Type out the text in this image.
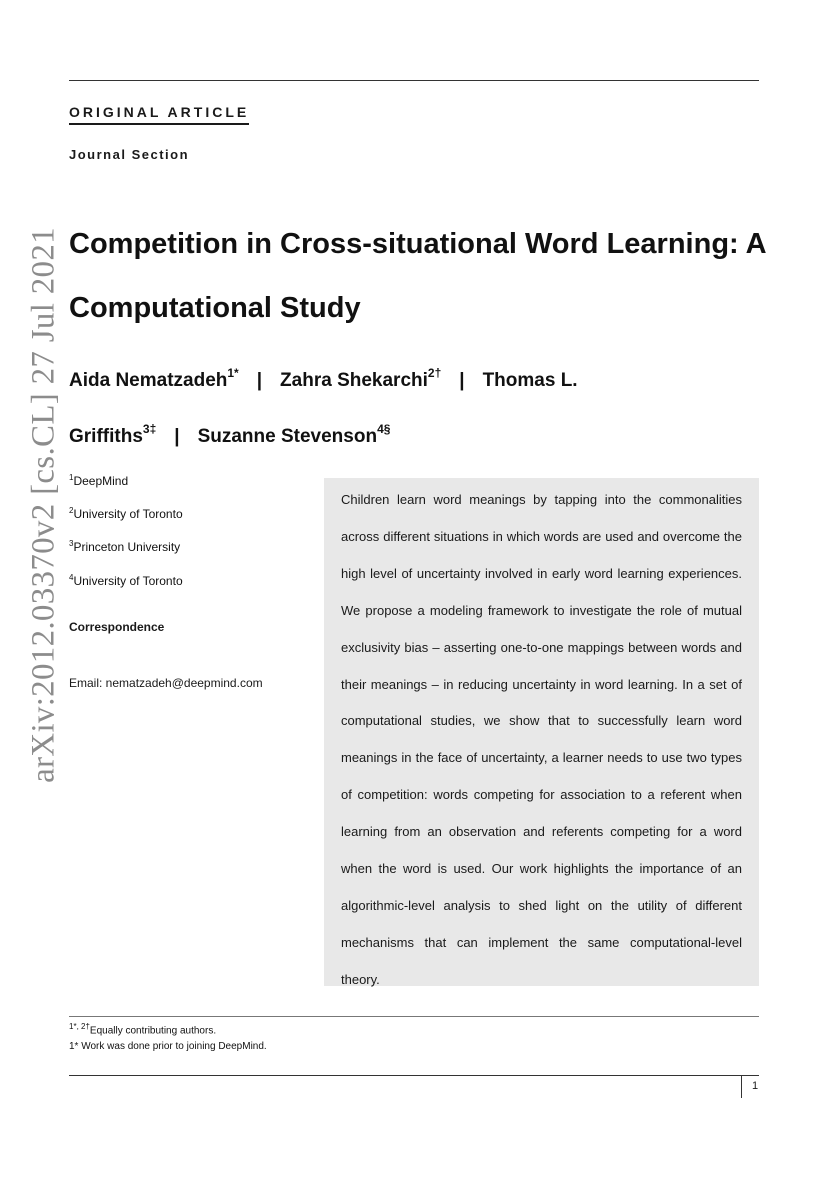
ORIGINAL ARTICLE
Journal Section
arXiv:2012.03370v2 [cs.CL] 27 Jul 2021 Competition in Cross-situational Word Learning: A Computational Study
Aida Nematzadeh$^{1*}$ | Zahra Shekarchi$^{2\dagger}$ | Thomas L. Griffiths$^{3\ddagger}$ | Suzanne Stevenson$^{4\S}$
$^1$DeepMind
$^2$University of Toronto
$^3$Princeton University
$^4$University of Toronto
Correspondence
Email: nematzadeh@deepmind.com

Children learn word meanings by tapping into the commonalities across different situations in which words are used and overcome the high level of uncertainty involved in early word learning experiences. We propose a modeling framework to investigate the role of mutual exclusivity bias – asserting one-to-one mappings between words and their meanings – in reducing uncertainty in word learning. In a set of computational studies, we show that to successfully learn word meanings in the face of uncertainty, a learner needs to use two types of competition: words competing for association to a referent when learning from an observation and referents competing for a word when the word is used. Our work highlights the importance of an algorithmic-level analysis to shed light on the utility of different mechanisms that can implement the same computational-level theory.

$^{1*, 2\dagger}$Equally contributing authors.
1* Work was done prior to joining DeepMind.
1
